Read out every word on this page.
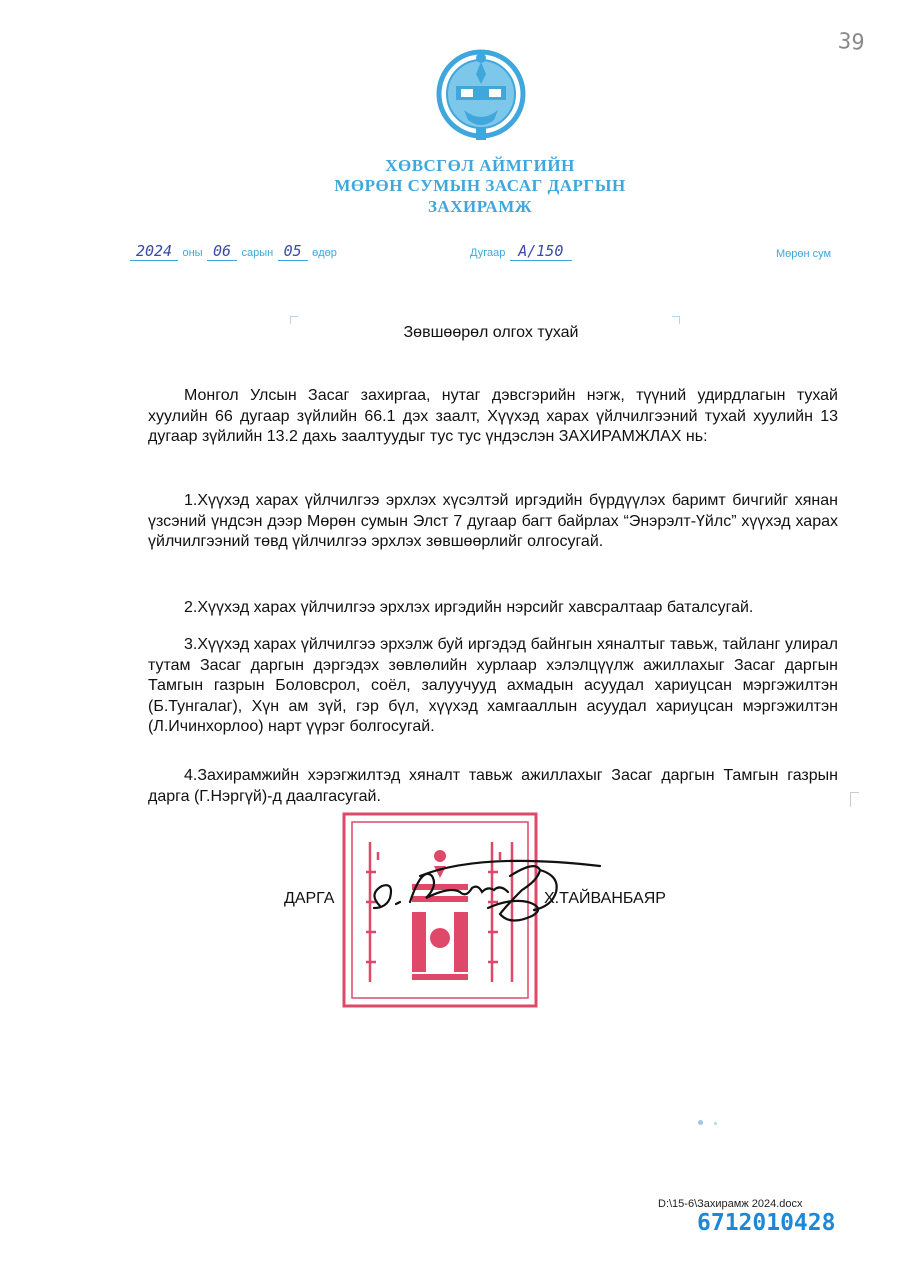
39
ХӨВСГӨЛ АЙМГИЙН
МӨРӨН СУМЫН ЗАСАГ ДАРГЫН
ЗАХИРАМЖ
2024 оны 06 сарын 05 өдөр	Дугаар A/150	Мөрөн сум
Зөвшөөрөл олгох тухай
Монгол Улсын Засаг захиргаа, нутаг дэвсгэрийн нэгж, түүний удирдлагын тухай хуулийн 66 дугаар зүйлийн 66.1 дэх заалт, Хүүхэд харах үйлчилгээний тухай хуулийн 13 дугаар зүйлийн 13.2 дахь заалтуудыг тус тус үндэслэн ЗАХИРАМЖЛАХ нь:
1.Хүүхэд харах үйлчилгээ эрхлэх хүсэлтэй иргэдийн бүрдүүлэх баримт бичгийг хянан үзсэний үндсэн дээр Мөрөн сумын Элст 7 дугаар багт байрлах “Энэрэлт-Үйлс” хүүхэд харах үйлчилгээний төвд үйлчилгээ эрхлэх зөвшөөрлийг олгосугай.
2.Хүүхэд харах үйлчилгээ эрхлэх иргэдийн нэрсийг хавсралтаар баталсугай.
3.Хүүхэд харах үйлчилгээ эрхэлж буй иргэдэд байнгын хяналтыг тавьж, тайланг улирал тутам Засаг даргын дэргэдэх зөвлөлийн хурлаар хэлэлцүүлж ажиллахыг Засаг даргын Тамгын газрын Боловсрол, соёл, залуучууд ахмадын асуудал хариуцсан мэргэжилтэн (Б.Тунгалаг), Хүн ам зүй, гэр бүл, хүүхэд хамгааллын асуудал хариуцсан мэргэжилтэн (Л.Ичинхорлоо) нарт үүрэг болгосугай.
4.Захирамжийн хэрэгжилтэд хяналт тавьж ажиллахыг Засаг даргын Тамгын газрын дарга (Г.Нэргүй)-д даалгасугай.
ДАРГА	Х.ТАЙВАНБАЯР
D:\15-6\Захирамж 2024.docx
6712010428
